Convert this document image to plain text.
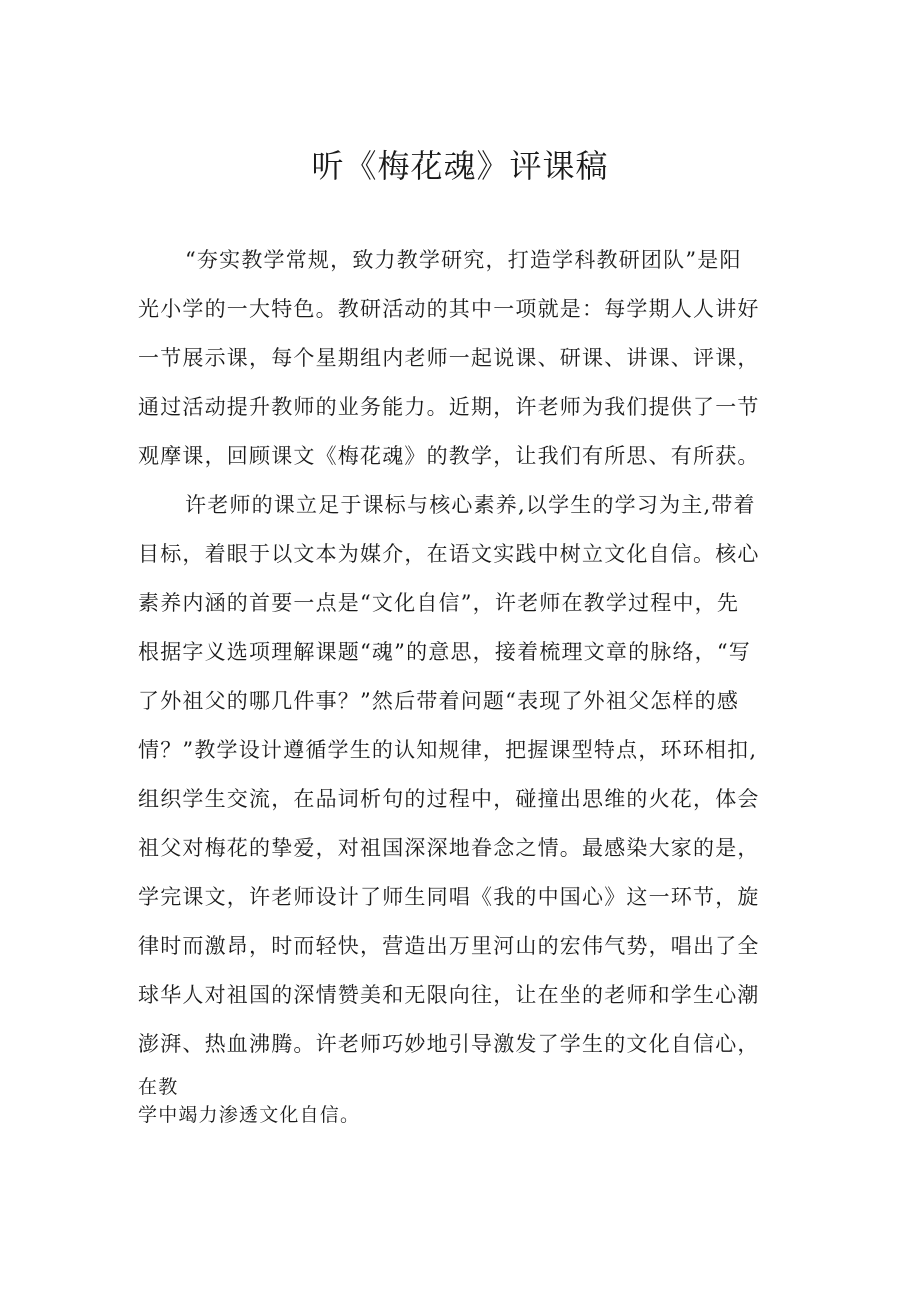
听《梅花魂》评课稿
“夯实教学常规，致力教学研究，打造学科教研团队”是阳
光小学的一大特色。教研活动的其中一项就是：每学期人人讲好
一节展示课，每个星期组内老师一起说课、研课、讲课、评课，
通过活动提升教师的业务能力。近期，许老师为我们提供了一节
观摩课，回顾课文《梅花魂》的教学，让我们有所思、有所获。
许老师的课立足于课标与核心素养,以学生的学习为主,带着
目标，着眼于以文本为媒介，在语文实践中树立文化自信。核心
素养内涵的首要一点是“文化自信”，许老师在教学过程中，先
根据字义选项理解课题“魂”的意思，接着梳理文章的脉络，“写
了外祖父的哪几件事？”然后带着问题“表现了外祖父怎样的感
情？”教学设计遵循学生的认知规律，把握课型特点，环环相扣,
组织学生交流，在品词析句的过程中，碰撞出思维的火花，体会
祖父对梅花的挚爱，对祖国深深地眷念之情。最感染大家的是，
学完课文，许老师设计了师生同唱《我的中国心》这一环节，旋
律时而激昂，时而轻快，营造出万里河山的宏伟气势，唱出了全
球华人对祖国的深情赞美和无限向往，让在坐的老师和学生心潮
澎湃、热血沸腾。许老师巧妙地引导激发了学生的文化自信心，
在教
学中竭力渗透文化自信。
